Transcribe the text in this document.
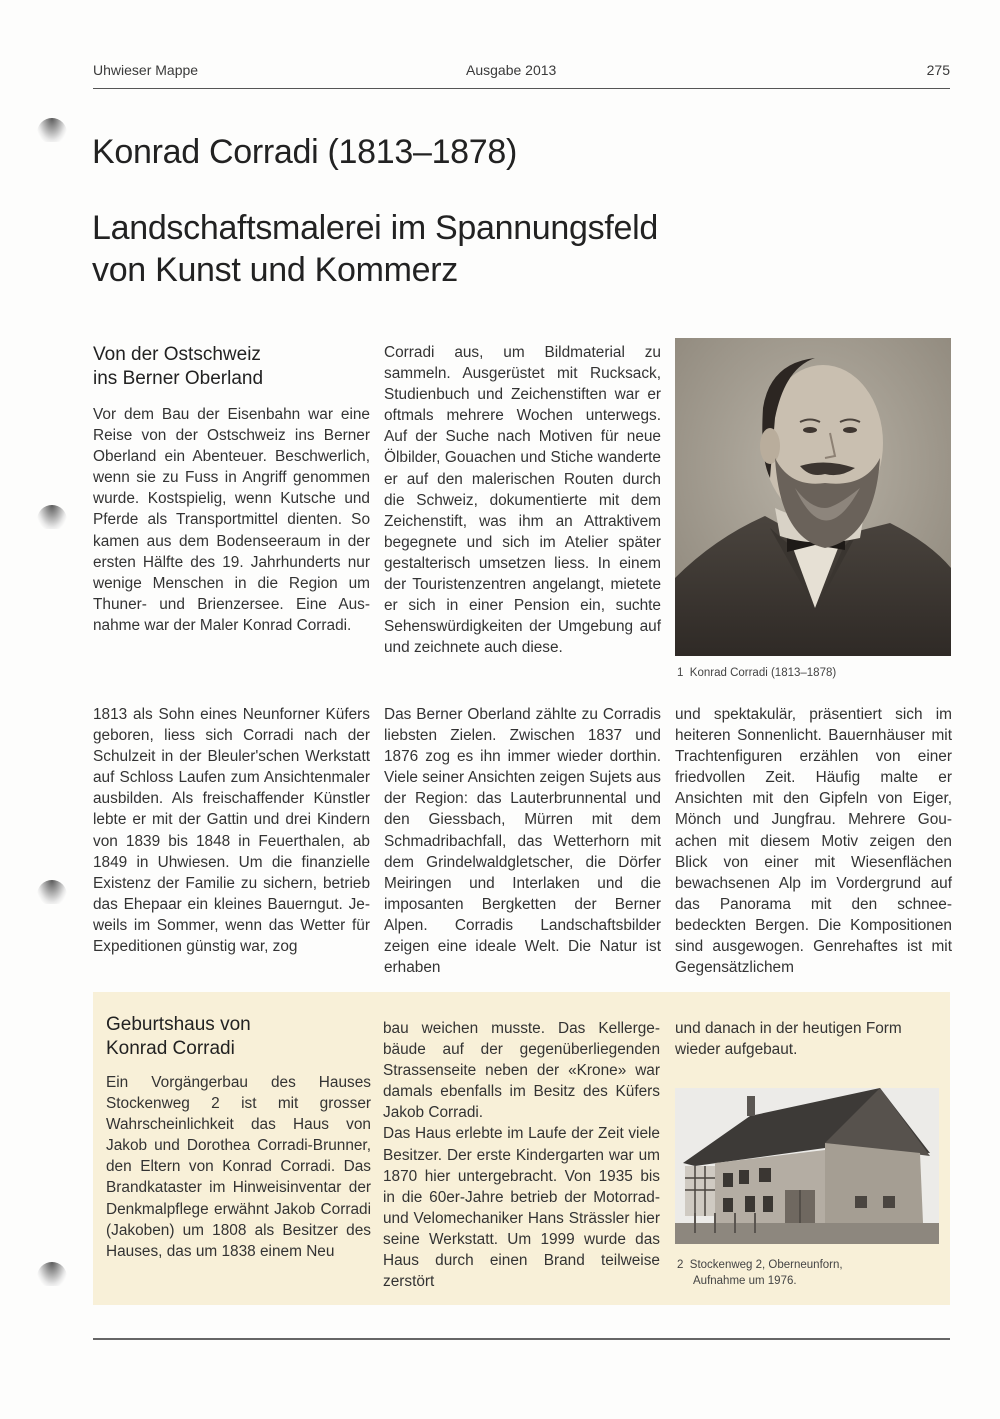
Uhwieser Mappe	Ausgabe 2013	275
Konrad Corradi (1813–1878)
Landschaftsmalerei im Spannungsfeld
von Kunst und Kommerz
Von der Ostschweiz
ins Berner Oberland

Vor dem Bau der Eisenbahn war eine Reise von der Ostschweiz ins Berner Oberland ein Abenteuer. Beschwerlich, wenn sie zu Fuss in Angriff genommen wurde. Kostspielig, wenn Kutsche und Pferde als Transportmittel dienten. So kamen aus dem Bodenseeraum in der ersten Hälfte des 19. Jahrhunderts nur wenige Menschen in die Region um Thuner- und Brienzersee. Eine Ausnahme war der Maler Konrad Corradi.

Corradi aus, um Bildmaterial zu sammeln. Ausgerüstet mit Rucksack, Studienbuch und Zeichenstiften war er oftmals mehrere Wochen unterwegs. Auf der Suche nach Motiven für neue Ölbilder, Gouachen und Stiche wanderte er auf den malerischen Routen durch die Schweiz, dokumentierte mit dem Zeichenstift, was ihm an Attraktivem begegnete und sich im Atelier später gestalterisch umsetzen liess. In einem der Touristenzentren angelangt, mietete er sich in einer Pension ein, suchte Sehenswürdigkeiten der Umgebung auf und zeichnete auch diese.

1 Konrad Corradi (1813–1878)

1813 als Sohn eines Neunforner Küfers geboren, liess sich Corradi nach der Schulzeit in der Bleuler'schen Werkstatt auf Schloss Laufen zum Ansichtenmaler ausbilden. Als freischaffender Künstler lebte er mit der Gattin und drei Kindern von 1839 bis 1848 in Feuerthalen, ab 1849 in Uhwiesen. Um die finanzielle Existenz der Familie zu sichern, betrieb das Ehepaar ein kleines Bauerngut. Jeweils im Sommer, wenn das Wetter für Expeditionen günstig war, zog

Das Berner Oberland zählte zu Corradis liebsten Zielen. Zwischen 1837 und 1876 zog es ihn immer wieder dorthin. Viele seiner Ansichten zeigen Sujets aus der Region: das Lauterbrunnental und den Giessbach, Mürren mit dem Schmadribachfall, das Wetterhorn mit dem Grindelwaldgletscher, die Dörfer Meiringen und Interlaken und die imposanten Bergketten der Berner Alpen. Corradis Landschaftsbilder zeigen eine ideale Welt. Die Natur ist erhaben

und spektakulär, präsentiert sich im heiteren Sonnenlicht. Bauernhäuser mit Trachtenfiguren erzählen von einer friedvollen Zeit. Häufig malte er Ansichten mit den Gipfeln von Eiger, Mönch und Jungfrau. Mehrere Gouachen mit diesem Motiv zeigen den Blick von einer mit Wiesenflächen bewachsenen Alp im Vordergrund auf das Panorama mit den schneebedeckten Bergen. Die Kompositionen sind ausgewogen. Genrehaftes ist mit Gegensätzlichem

Geburtshaus von
Konrad Corradi

Ein Vorgängerbau des Hauses Stockenweg 2 ist mit grosser Wahrscheinlichkeit das Haus von Jakob und Dorothea Corradi-Brunner, den Eltern von Konrad Corradi. Das Brandkataster im Hinweisinventar der Denkmalpflege erwähnt Jakob Corradi (Jakoben) um 1808 als Besitzer des Hauses, das um 1838 einem Neu

bau weichen musste. Das Kellergebäude auf der gegenüberliegenden Strassenseite neben der «Krone» war damals ebenfalls im Besitz des Küfers Jakob Corradi.

Das Haus erlebte im Laufe der Zeit viele Besitzer. Der erste Kindergarten war um 1870 hier untergebracht. Von 1935 bis in die 60er-Jahre betrieb der Motorrad- und Velomechaniker Hans Strässler hier seine Werkstatt. Um 1999 wurde das Haus durch einen Brand teilweise zerstört

und danach in der heutigen Form wieder aufgebaut.

2 Stockenweg 2, Oberneunforn,
Aufnahme um 1976.
